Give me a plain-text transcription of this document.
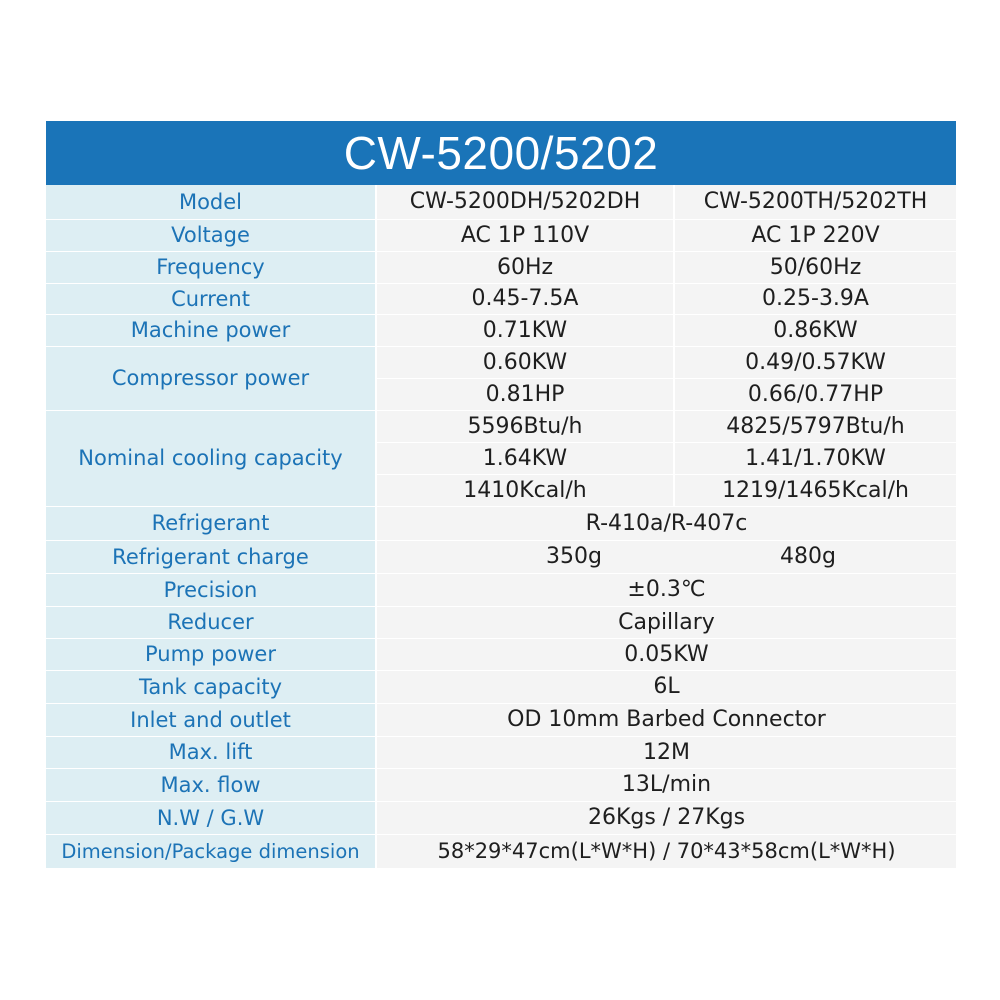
CW-5200/5202
Model	CW-5200DH/5202DH	CW-5200TH/5202TH
Voltage	AC 1P 110V	AC 1P 220V
Frequency	60Hz	50/60Hz
Current	0.45-7.5A	0.25-3.9A
Machine power	0.71KW	0.86KW
Compressor power	0.60KW	0.49/0.57KW
	0.81HP	0.66/0.77HP
Nominal cooling capacity	5596Btu/h	4825/5797Btu/h
	1.64KW	1.41/1.70KW
	1410Kcal/h	1219/1465Kcal/h
Refrigerant	R-410a/R-407c	
Refrigerant charge	350g	480g
Precision	±0.3℃	
Reducer	Capillary	
Pump power	0.05KW	
Tank capacity	6L	
Inlet and outlet	OD 10mm Barbed Connector	
Max. lift	12M	
Max. flow	13L/min	
N.W / G.W	26Kgs / 27Kgs	
Dimension/Package dimension	58*29*47cm(L*W*H) / 70*43*58cm(L*W*H)	
